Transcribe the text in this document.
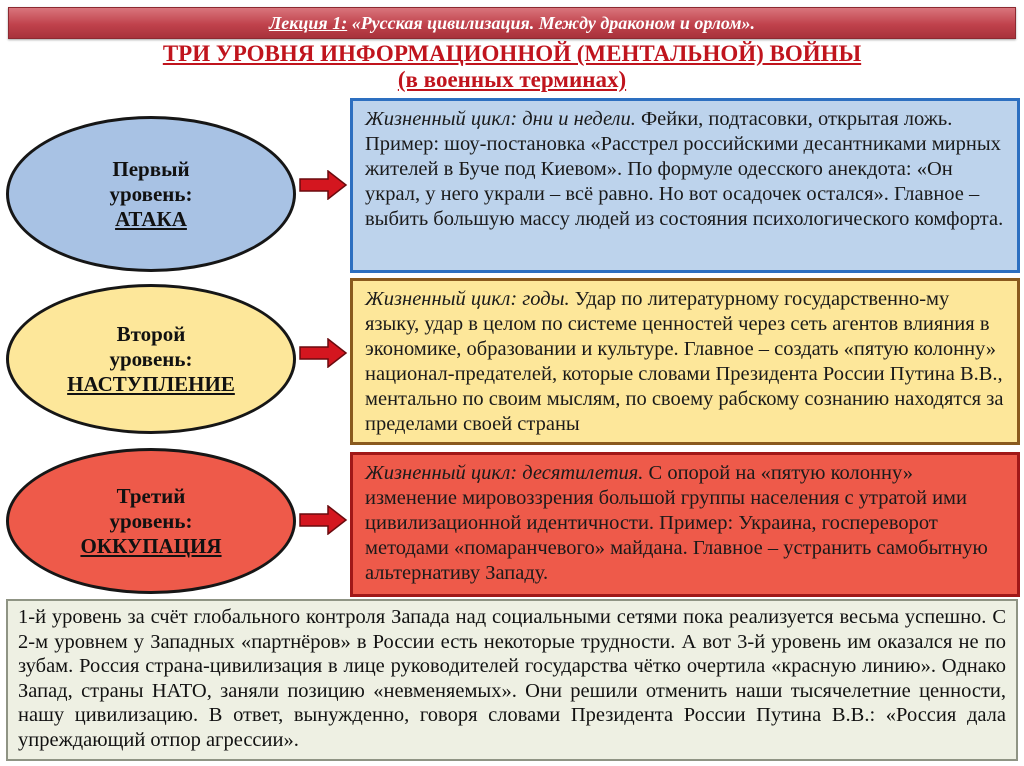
Лекция 1: «Русская цивилизация. Между драконом и орлом».
ТРИ УРОВНЯ ИНФОРМАЦИОННОЙ (МЕНТАЛЬНОЙ) ВОЙНЫ
(в военных терминах)
Первый
уровень:
АТАКА
Жизненный цикл: дни и недели. Фейки, подтасовки, открытая ложь. Пример: шоу-постановка «Расстрел российскими десантниками мирных жителей в Буче под Киевом». По формуле одесского анекдота: «Он украл, у него украли – всё равно. Но вот осадочек остался». Главное – выбить большую массу людей из состояния психологического комфорта.
Второй
уровень:
НАСТУПЛЕНИЕ
Жизненный цикл: годы. Удар по литературному государственно-му языку, удар в целом по системе ценностей через сеть агентов влияния в экономике, образовании и культуре. Главное – создать «пятую колонну» национал-предателей, которые словами Президента России Путина В.В., ментально по своим мыслям, по своему рабскому сознанию находятся за пределами своей страны
Третий
уровень:
ОККУПАЦИЯ
Жизненный цикл: десятилетия. С опорой на «пятую колонну» изменение мировоззрения большой группы населения с утратой ими цивилизационной идентичности. Пример: Украина, госпереворот методами «помаранчевого» майдана. Главное – устранить самобытную альтернативу Западу.
1-й уровень за счёт глобального контроля Запада над социальными сетями пока реализуется весьма успешно. С 2-м уровнем у Западных «партнёров» в России есть некоторые трудности. А вот 3-й уровень им оказался не по зубам. Россия страна-цивилизация в лице руководителей государства чётко очертила «красную линию». Однако Запад, страны НАТО, заняли позицию «невменяемых». Они решили отменить наши тысячелетние ценности, нашу цивилизацию. В ответ, вынужденно, говоря словами Президента России Путина В.В.: «Россия дала упреждающий отпор агрессии».
